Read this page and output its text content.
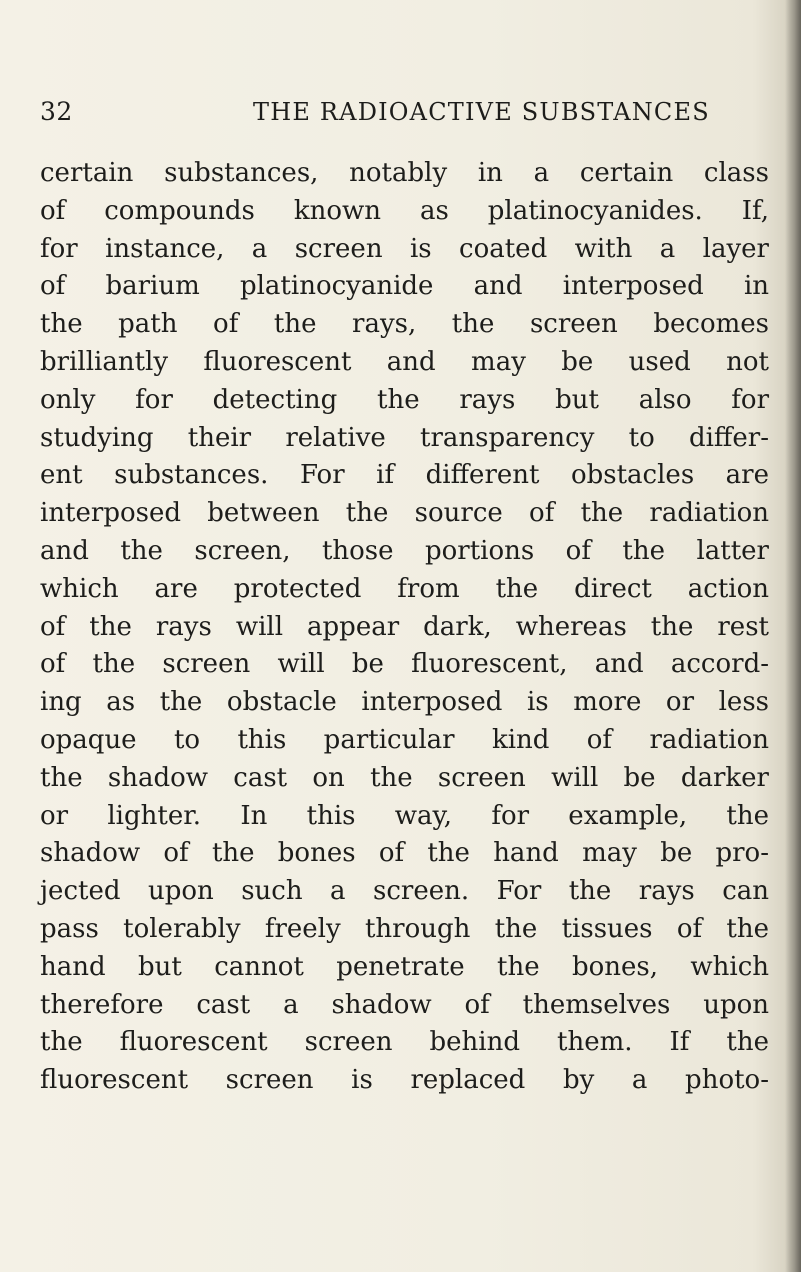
32	THE RADIOACTIVE SUBSTANCES
certain substances, notably in a certain class
of compounds known as platinocyanides. If,
for instance, a screen is coated with a layer
of barium platinocyanide and interposed in
the path of the rays, the screen becomes
brilliantly fluorescent and may be used not
only for detecting the rays but also for
studying their relative transparency to differ-
ent substances. For if different obstacles are
interposed between the source of the radiation
and the screen, those portions of the latter
which are protected from the direct action
of the rays will appear dark, whereas the rest
of the screen will be fluorescent, and accord-
ing as the obstacle interposed is more or less
opaque to this particular kind of radiation
the shadow cast on the screen will be darker
or lighter. In this way, for example, the
shadow of the bones of the hand may be pro-
jected upon such a screen. For the rays can
pass tolerably freely through the tissues of the
hand but cannot penetrate the bones, which
therefore cast a shadow of themselves upon
the fluorescent screen behind them. If the
fluorescent screen is replaced by a photo-
